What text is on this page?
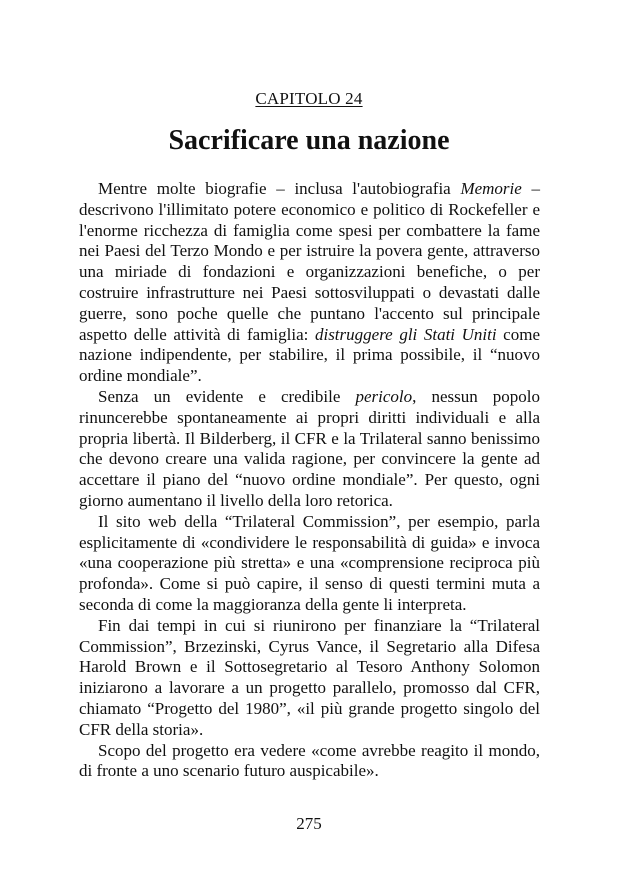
CAPITOLO 24
Sacrificare una nazione

Mentre molte biografie – inclusa l'autobiografia Memorie – descrivono l'illimitato potere economico e politico di Rockefeller e l'enorme ricchezza di famiglia come spesi per combattere la fame nei Paesi del Terzo Mondo e per istruire la povera gente, attraverso una miriade di fondazioni e organizzazioni benefiche, o per costruire infrastrutture nei Paesi sottosviluppati o devastati dalle guerre, sono poche quelle che puntano l'accento sul principale aspetto delle attività di famiglia: distruggere gli Stati Uniti come nazione indipendente, per stabilire, il prima possibile, il “nuovo ordine mondiale”.

Senza un evidente e credibile pericolo, nessun popolo rinuncerebbe spontaneamente ai propri diritti individuali e alla propria libertà. Il Bilderberg, il CFR e la Trilateral sanno benissimo che devono creare una valida ragione, per convincere la gente ad accettare il piano del “nuovo ordine mondiale”. Per questo, ogni giorno aumentano il livello della loro retorica.

Il sito web della “Trilateral Commission”, per esempio, parla esplicitamente di «condividere le responsabilità di guida» e invoca «una cooperazione più stretta» e una «comprensione reciproca più profonda». Come si può capire, il senso di questi termini muta a seconda di come la maggioranza della gente li interpreta.

Fin dai tempi in cui si riunirono per finanziare la “Trilateral Commission”, Brzezinski, Cyrus Vance, il Segretario alla Difesa Harold Brown e il Sottosegretario al Tesoro Anthony Solomon iniziarono a lavorare a un progetto parallelo, promosso dal CFR, chiamato “Progetto del 1980”, «il più grande progetto singolo del CFR della storia».

Scopo del progetto era vedere «come avrebbe reagito il mondo, di fronte a uno scenario futuro auspicabile».

275
